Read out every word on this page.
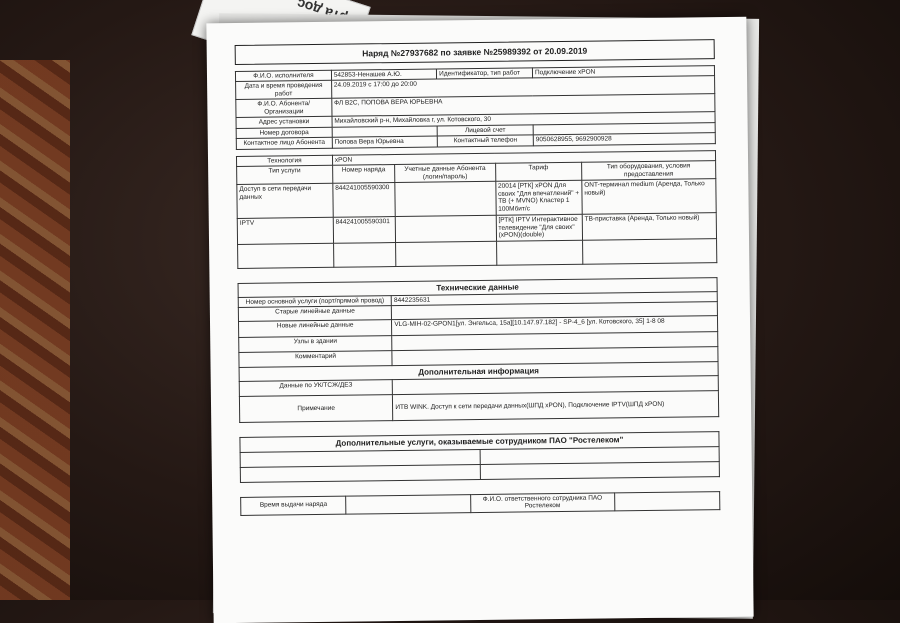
Наряд №27937682 по заявке №25989392 от 20.09.2019
Ф.И.О. исполнителя	542853-Ненашев А.Ю.	Идентификатор, тип работ	Подключение xPON
Дата и время проведения работ	24.09.2019 с 17:00 до 20:00		
Ф.И.О. Абонента/Организации	ФЛ B2C, ПОПОВА ВЕРА ЮРЬЕВНА		
Адрес установки	Михайловский р-н, Михайловка г, ул. Котовского, 30		
Номер договора		Лицевой счет	
Контактное лицо Абонента	Попова Вера Юрьевна	Контактный телефон	9050628955, 9692900928
Технология	xPON			
Тип услуги	Номер наряда	Учетные данные Абонента (логин/пароль)	Тариф	Тип оборудования, условия предоставления
Доступ в сети передачи данных	844241005590300		20014 [РТК] xPON Для своих "Для впечатлений" + ТВ (+ MVNO) Кластер 1 100Мбит/с	ONT-терминал medium (Аренда, Только новый)
IPTV	844241005590301		[РТК] IPTV Интерактивное телевидение "Для своих" (xPON)(double)	ТВ-приставка (Аренда, Только новый)

Технические данные	
Номер основной услуги (порт/прямой провод)	8442235631
Старые линейные данные	
Новые линейные данные	VLG-MIH-02-GPON1[ул. Энгельса, 15а][10.147.97.182] - SP-4_6 [ул. Котовского, 35] 1-8 08
Узлы в здании	
Комментарий	
Дополнительная информация	
Данные по УК/ТСЖ/ДЕЗ	
Примечание	ИТВ WINK. Доступ к сети передачи данных(ШПД xPON), Подключение IPTV(ШПД xPON)
Дополнительные услуги, оказываемые сотрудником ПАО "Ростелеком"	

Время выдачи наряда		Ф.И.О. ответственного сотрудника ПАО Ростелеком	
